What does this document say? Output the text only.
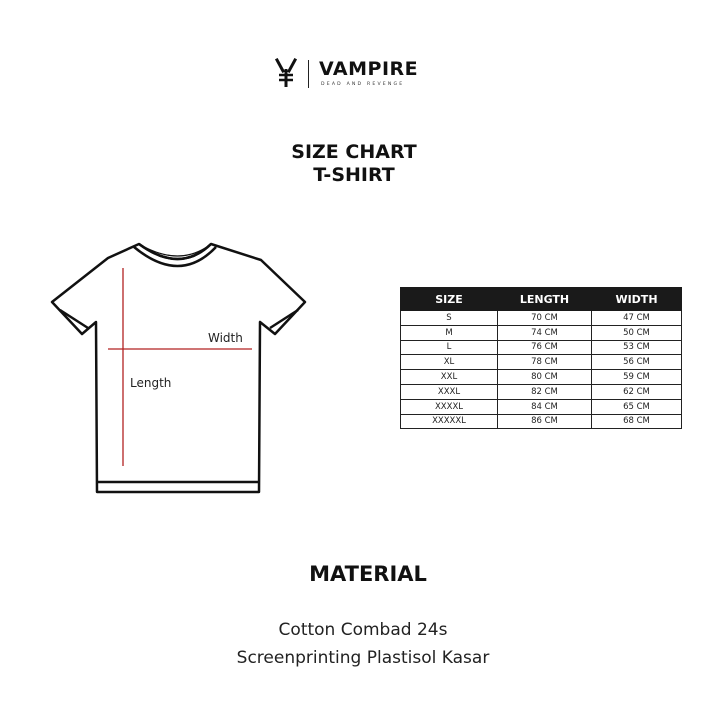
VAMPIRE
DEAD AND REVENGE
SIZE CHART
T-SHIRT
Width
Length
SIZE	LENGTH	WIDTH
S	70 CM	47 CM
M	74 CM	50 CM
L	76 CM	53 CM
XL	78 CM	56 CM
XXL	80 CM	59 CM
XXXL	82 CM	62 CM
XXXXL	84 CM	65 CM
XXXXXL	86 CM	68 CM
MATERIAL
Cotton Combad 24s
Screenprinting Plastisol Kasar
